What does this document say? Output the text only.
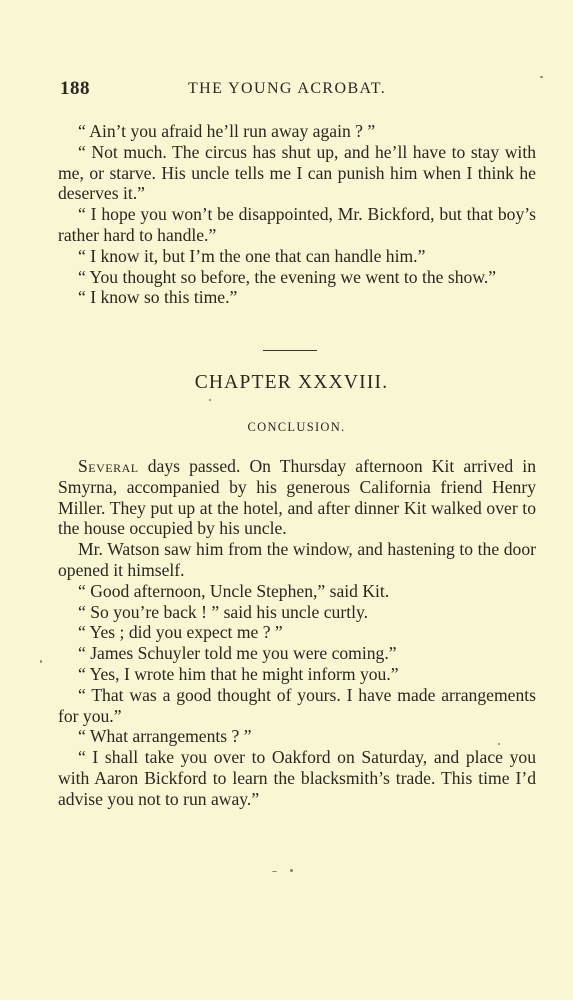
188	THE YOUNG ACROBAT.

“ Ain’t you afraid he’ll run away again ? ”

“ Not much. The circus has shut up, and he’ll have to stay with me, or starve. His uncle tells me I can punish him when I think he deserves it.”

“ I hope you won’t be disappointed, Mr. Bickford, but that boy’s rather hard to handle.”

“ I know it, but I’m the one that can handle him.”

“ You thought so before, the evening we went to the show.”

“ I know so this time.”

CHAPTER XXXVIII.
CONCLUSION.

Several days passed. On Thursday afternoon Kit arrived in Smyrna, accompanied by his generous California friend Henry Miller. They put up at the hotel, and after dinner Kit walked over to the house occupied by his uncle.

Mr. Watson saw him from the window, and hastening to the door opened it himself.

“ Good afternoon, Uncle Stephen,” said Kit.

“ So you’re back ! ” said his uncle curtly.

“ Yes ; did you expect me ? ”

“ James Schuyler told me you were coming.”

“ Yes, I wrote him that he might inform you.”

“ That was a good thought of yours. I have made arrangements for you.”

“ What arrangements ? ”

“ I shall take you over to Oakford on Saturday, and place you with Aaron Bickford to learn the blacksmith’s trade. This time I’d advise you not to run away.”
